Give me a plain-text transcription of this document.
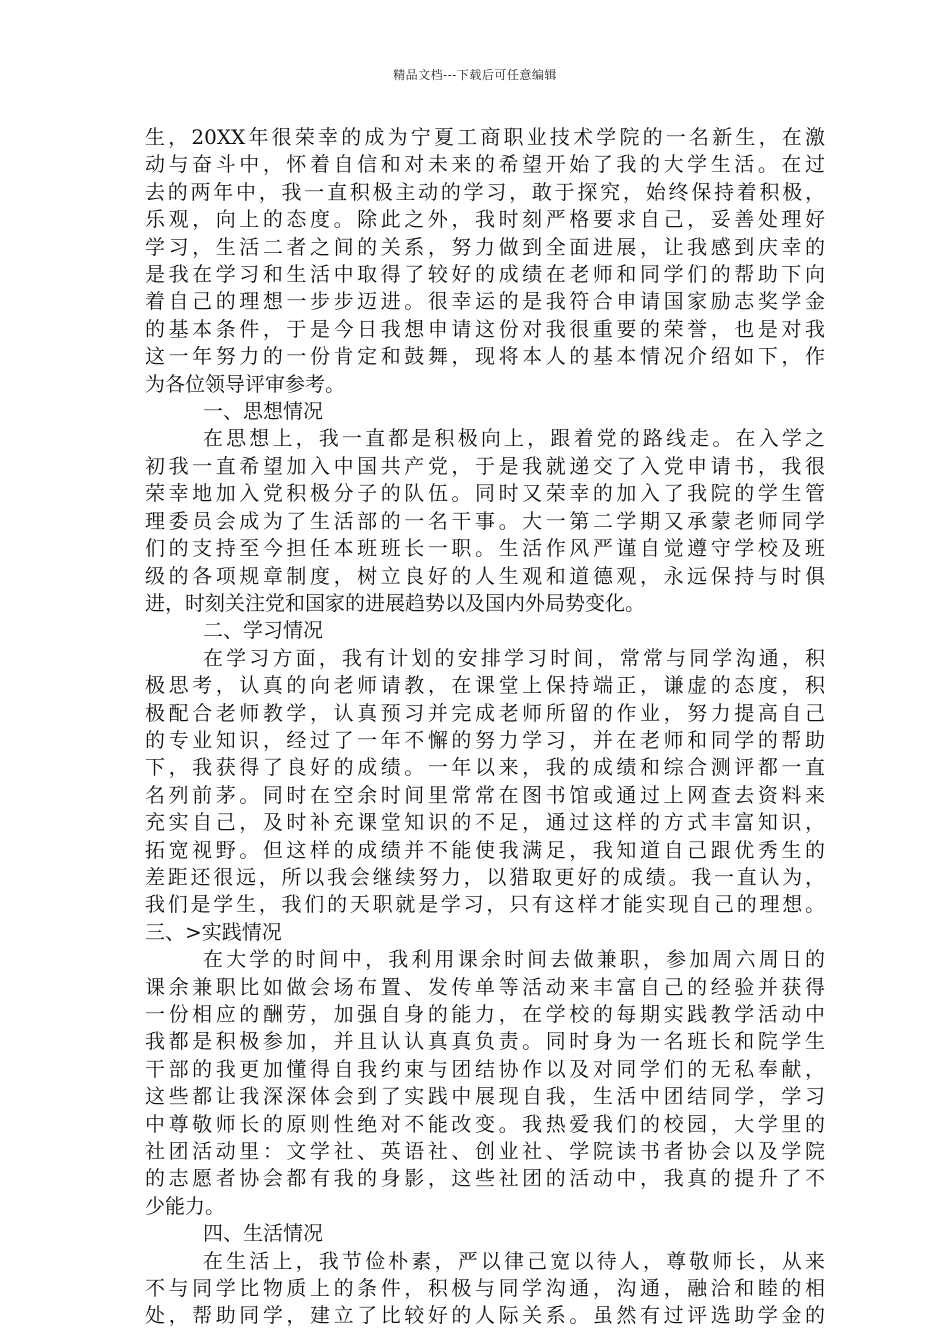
精品文档---下载后可任意编辑
生，20XX年很荣幸的成为宁夏工商职业技术学院的一名新生，在激
动与奋斗中，怀着自信和对未来的希望开始了我的大学生活。在过
去的两年中，我一直积极主动的学习，敢于探究，始终保持着积极，
乐观，向上的态度。除此之外，我时刻严格要求自己，妥善处理好
学习，生活二者之间的关系，努力做到全面进展，让我感到庆幸的
是我在学习和生活中取得了较好的成绩在老师和同学们的帮助下向
着自己的理想一步步迈进。很幸运的是我符合申请国家励志奖学金
的基本条件，于是今日我想申请这份对我很重要的荣誉，也是对我
这一年努力的一份肯定和鼓舞，现将本人的基本情况介绍如下，作
为各位领导评审参考。
一、思想情况
在思想上，我一直都是积极向上，跟着党的路线走。在入学之
初我一直希望加入中国共产党，于是我就递交了入党申请书，我很
荣幸地加入党积极分子的队伍。同时又荣幸的加入了我院的学生管
理委员会成为了生活部的一名干事。大一第二学期又承蒙老师同学
们的支持至今担任本班班长一职。生活作风严谨自觉遵守学校及班
级的各项规章制度，树立良好的人生观和道德观，永远保持与时俱
进，时刻关注党和国家的进展趋势以及国内外局势变化。
二、学习情况
在学习方面，我有计划的安排学习时间，常常与同学沟通，积
极思考，认真的向老师请教，在课堂上保持端正，谦虚的态度，积
极配合老师教学，认真预习并完成老师所留的作业，努力提高自己
的专业知识，经过了一年不懈的努力学习，并在老师和同学的帮助
下，我获得了良好的成绩。一年以来，我的成绩和综合测评都一直
名列前茅。同时在空余时间里常常在图书馆或通过上网查去资料来
充实自己，及时补充课堂知识的不足，通过这样的方式丰富知识，
拓宽视野。但这样的成绩并不能使我满足，我知道自己跟优秀生的
差距还很远，所以我会继续努力，以猎取更好的成绩。我一直认为，
我们是学生，我们的天职就是学习，只有这样才能实现自己的理想。
三、>实践情况
在大学的时间中，我利用课余时间去做兼职，参加周六周日的
课余兼职比如做会场布置、发传单等活动来丰富自己的经验并获得
一份相应的酬劳，加强自身的能力，在学校的每期实践教学活动中
我都是积极参加，并且认认真真负责。同时身为一名班长和院学生
干部的我更加懂得自我约束与团结协作以及对同学们的无私奉献，
这些都让我深深体会到了实践中展现自我，生活中团结同学，学习
中尊敬师长的原则性绝对不能改变。我热爱我们的校园，大学里的
社团活动里：文学社、英语社、创业社、学院读书者协会以及学院
的志愿者协会都有我的身影，这些社团的活动中，我真的提升了不
少能力。
四、生活情况
在生活上，我节俭朴素，严以律己宽以待人，尊敬师长，从来
不与同学比物质上的条件，积极与同学沟通，沟通，融洽和睦的相
处，帮助同学，建立了比较好的人际关系。虽然有过评选助学金的
